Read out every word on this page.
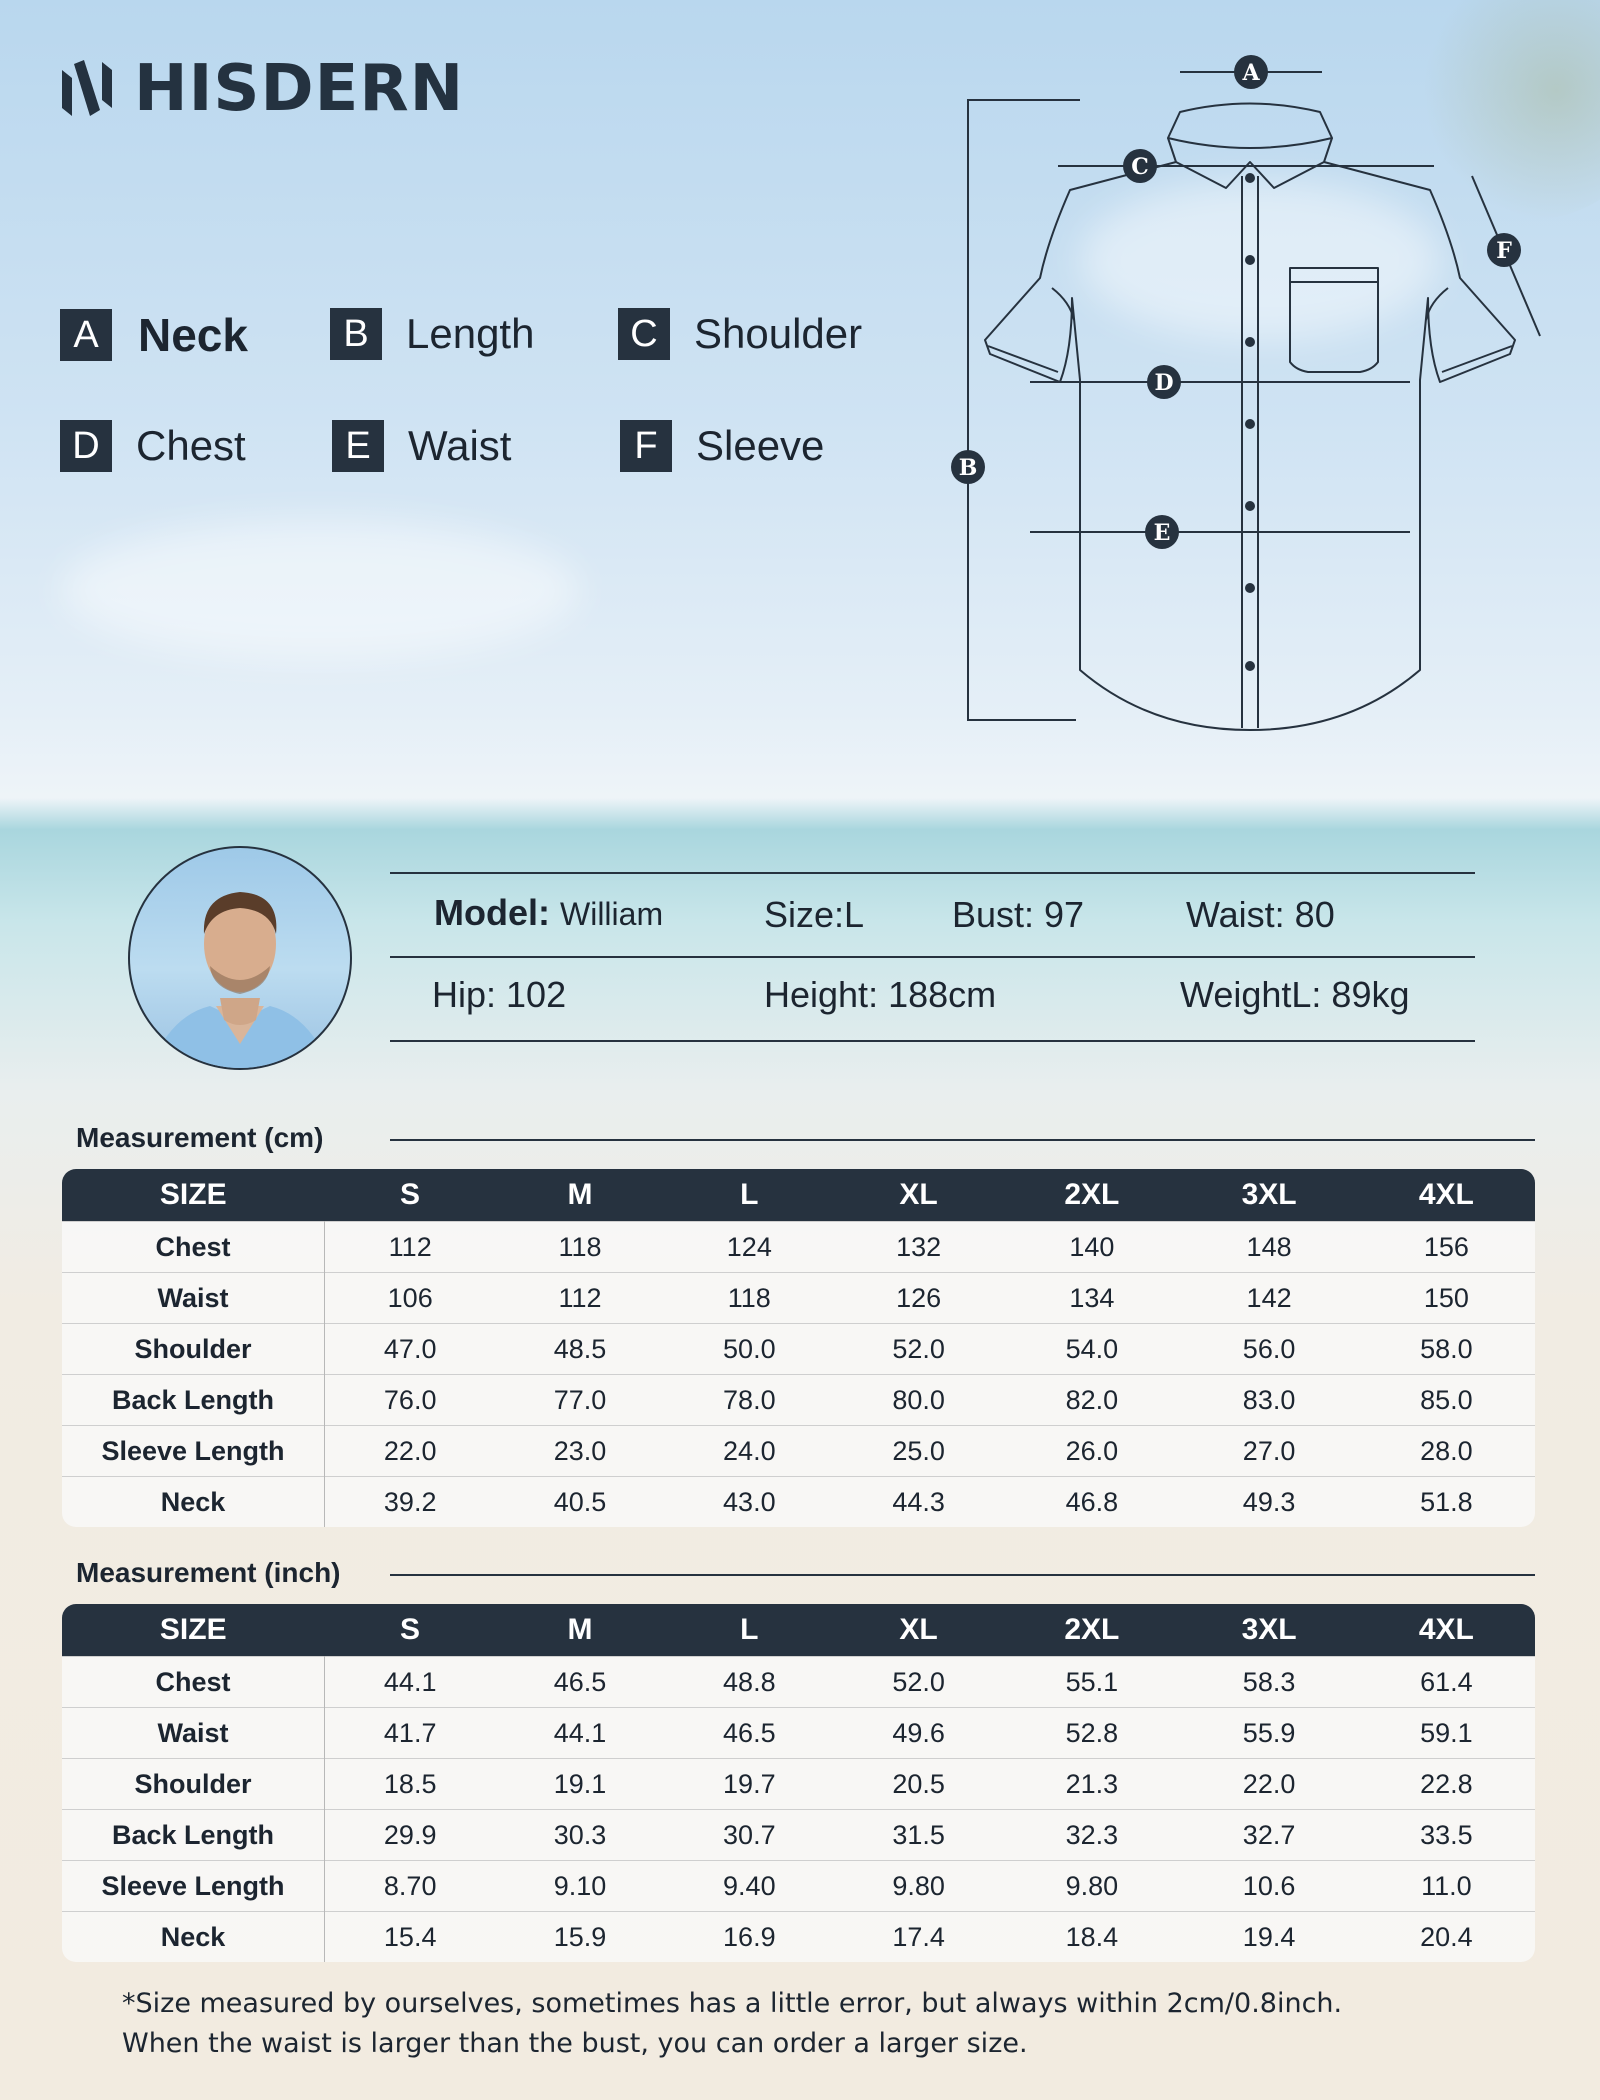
HISDERN
A Neck	B Length	C Shoulder
D Chest	E Waist	F Sleeve
A
B
C
D
E
F
Model: William	Size:L Bust: 97	Waist: 80
Hip: 102	Height: 188cm	WeightL: 89kg
Measurement (cm)
SIZE	S	M	L	XL	2XL	3XL	4XL
Chest	112	118	124	132	140	148	156
Waist	106	112	118	126	134	142	150
Shoulder	47.0	48.5	50.0	52.0	54.0	56.0	58.0
Back Length	76.0	77.0	78.0	80.0	82.0	83.0	85.0
Sleeve Length	22.0	23.0	24.0	25.0	26.0	27.0	28.0
Neck	39.2	40.5	43.0	44.3	46.8	49.3	51.8
Measurement (inch)
SIZE	S	M	L	XL	2XL	3XL	4XL
Chest	44.1	46.5	48.8	52.0	55.1	58.3	61.4
Waist	41.7	44.1	46.5	49.6	52.8	55.9	59.1
Shoulder	18.5	19.1	19.7	20.5	21.3	22.0	22.8
Back Length	29.9	30.3	30.7	31.5	32.3	32.7	33.5
Sleeve Length	8.70	9.10	9.40	9.80	9.80	10.6	11.0
Neck	15.4	15.9	16.9	17.4	18.4	19.4	20.4
*Size measured by ourselves, sometimes has a little error, but always within 2cm/0.8inch.
When the waist is larger than the bust, you can order a larger size.
